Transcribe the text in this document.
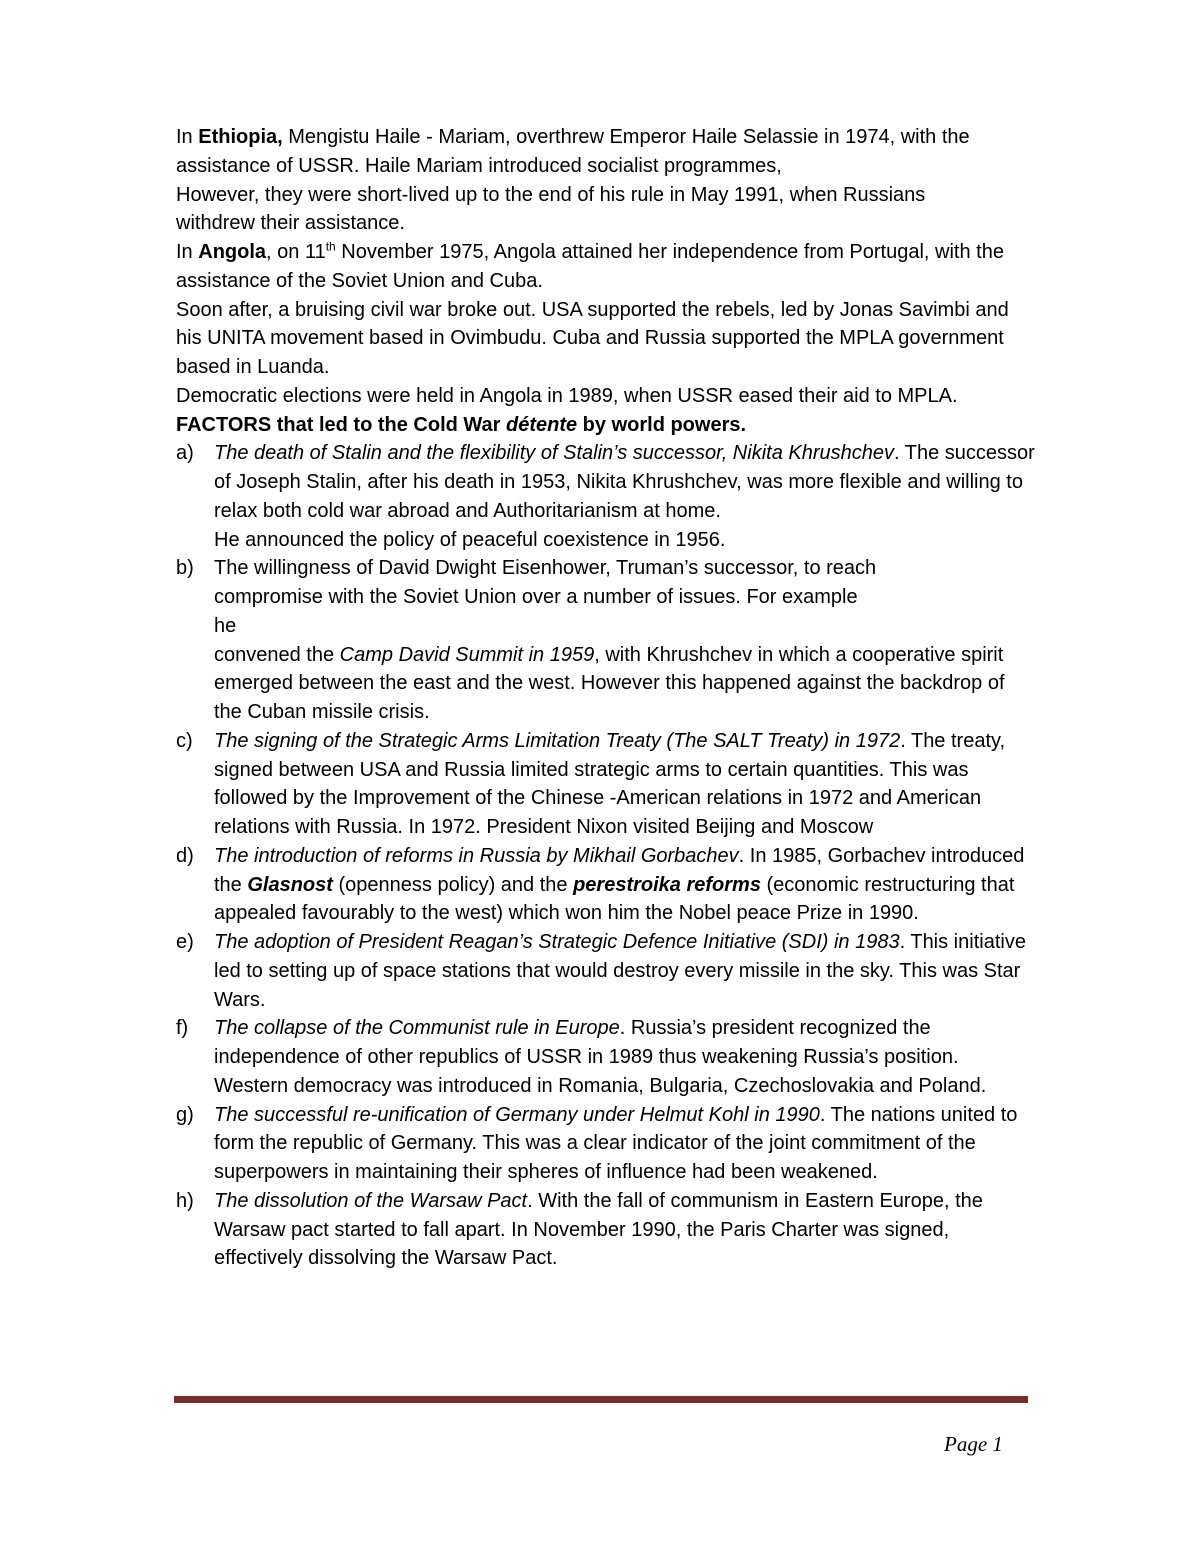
In Ethiopia, Mengistu Haile - Mariam, overthrew Emperor Haile Selassie in 1974, with the assistance of USSR. Haile Mariam introduced socialist programmes,

However, they were short-lived up to the end of his rule in May 1991, when Russians withdrew their assistance.

In Angola, on 11th November 1975, Angola attained her independence from Portugal, with the assistance of the Soviet Union and Cuba.

Soon after, a bruising civil war broke out. USA supported the rebels, led by Jonas Savimbi and his UNITA movement based in Ovimbudu. Cuba and Russia supported the MPLA government based in Luanda.

Democratic elections were held in Angola in 1989, when USSR eased their aid to MPLA.

FACTORS that led to the Cold War détente by world powers.

a) The death of Stalin and the flexibility of Stalin’s successor, Nikita Khrushchev. The successor of Joseph Stalin, after his death in 1953, Nikita Khrushchev, was more flexible and willing to relax both cold war abroad and Authoritarianism at home.

He announced the policy of peaceful coexistence in 1956.

b) The willingness of David Dwight Eisenhower, Truman’s successor, to reach compromise with the Soviet Union over a number of issues. For example

he

convened the Camp David Summit in 1959, with Khrushchev in which a cooperative spirit emerged between the east and the west. However this happened against the backdrop of the Cuban missile crisis.

c) The signing of the Strategic Arms Limitation Treaty (The SALT Treaty) in 1972. The treaty, signed between USA and Russia limited strategic arms to certain quantities. This was followed by the Improvement of the Chinese -American relations in 1972 and American relations with Russia. In 1972. President Nixon visited Beijing and Moscow

d) The introduction of reforms in Russia by Mikhail Gorbachev. In 1985, Gorbachev introduced the Glasnost (openness policy) and the perestroika reforms (economic restructuring that appealed favourably to the west) which won him the Nobel peace Prize in 1990.

e) The adoption of President Reagan’s Strategic Defence Initiative (SDI) in 1983. This initiative led to setting up of space stations that would destroy every missile in the sky. This was Star Wars.

f) The collapse of the Communist rule in Europe. Russia’s president recognized the independence of other republics of USSR in 1989 thus weakening Russia’s position. Western democracy was introduced in Romania, Bulgaria, Czechoslovakia and Poland.

g) The successful re-unification of Germany under Helmut Kohl in 1990. The nations united to form the republic of Germany. This was a clear indicator of the joint commitment of the superpowers in maintaining their spheres of influence had been weakened.

h) The dissolution of the Warsaw Pact. With the fall of communism in Eastern Europe, the Warsaw pact started to fall apart. In November 1990, the Paris Charter was signed, effectively dissolving the Warsaw Pact.

Page 1
